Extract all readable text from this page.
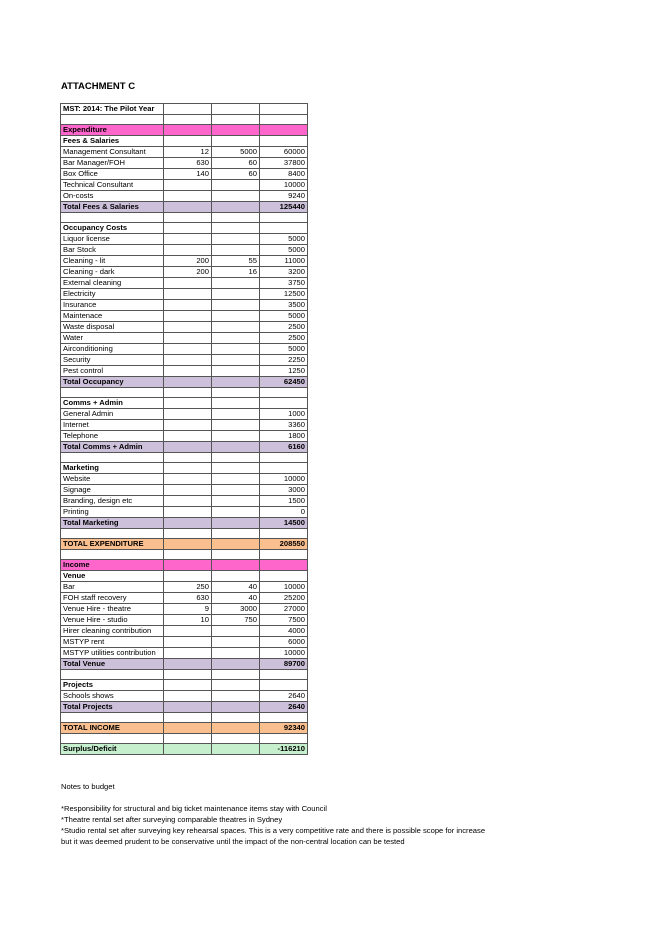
ATTACHMENT C
MST: 2014: The Pilot Year			

Expenditure			
Fees & Salaries			
Management Consultant	12	5000	60000
Bar Manager/FOH	630	60	37800
Box Office	140	60	8400
Technical Consultant			10000
On-costs			9240
Total Fees & Salaries			125440

Occupancy Costs			
Liquor license			5000
Bar Stock			5000
Cleaning - lit	200	55	11000
Cleaning - dark	200	16	3200
External cleaning			3750
Electricity			12500
Insurance			3500
Maintenace			5000
Waste disposal			2500
Water			2500
Airconditioning			5000
Security			2250
Pest control			1250
Total Occupancy			62450

Comms + Admin			
General Admin			1000
Internet			3360
Telephone			1800
Total Comms + Admin			6160

Marketing			
Website			10000
Signage			3000
Branding, design etc			1500
Printing			0
Total Marketing			14500

TOTAL EXPENDITURE			208550

Income			
Venue			
Bar	250	40	10000
FOH staff recovery	630	40	25200
Venue Hire - theatre	9	3000	27000
Venue Hire - studio	10	750	7500
Hirer cleaning contribution			4000
MSTYP rent			6000
MSTYP utilities contribution			10000
Total Venue			89700

Projects			
Schools shows			2640
Total Projects			2640

TOTAL INCOME			92340

Surplus/Deficit			-116210
Notes to budget
*Responsibility for structural and big ticket maintenance items stay with Council
*Theatre rental set after surveying comparable theatres in Sydney
*Studio rental set after surveying key rehearsal spaces. This is a very competitive rate and there is possible scope for increase
but it was deemed prudent to be conservative until the impact of the non-central location can be tested
